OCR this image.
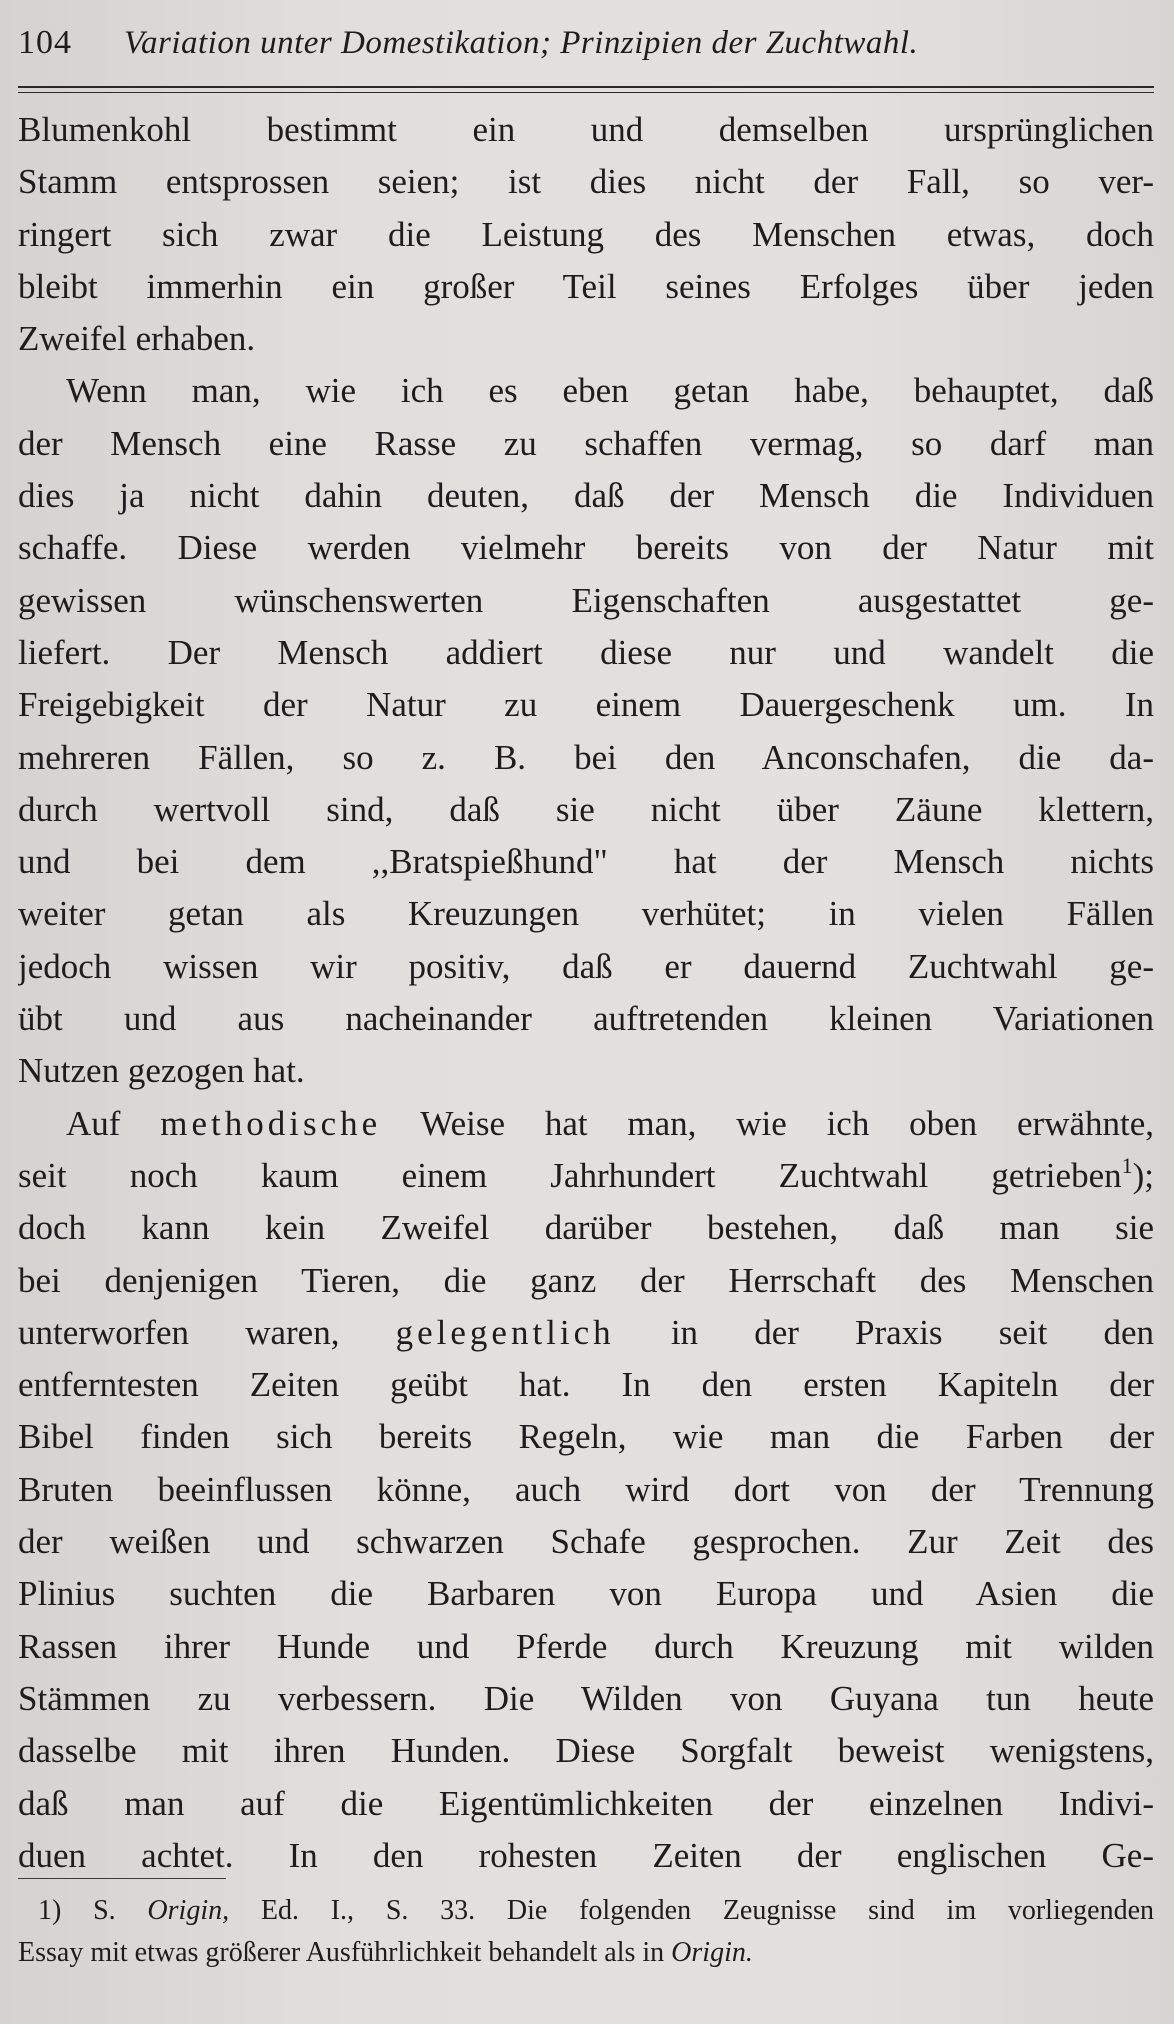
104 Variation unter Domestikation; Prinzipien der Zuchtwahl.
Blumenkohl bestimmt ein und demselben ursprünglichen
Stamm entsprossen seien; ist dies nicht der Fall, so ver-
ringert sich zwar die Leistung des Menschen etwas, doch
bleibt immerhin ein großer Teil seines Erfolges über jeden
Zweifel erhaben.
Wenn man, wie ich es eben getan habe, behauptet, daß
der Mensch eine Rasse zu schaffen vermag, so darf man
dies ja nicht dahin deuten, daß der Mensch die Individuen
schaffe. Diese werden vielmehr bereits von der Natur mit
gewissen wünschenswerten Eigenschaften ausgestattet ge-
liefert. Der Mensch addiert diese nur und wandelt die
Freigebigkeit der Natur zu einem Dauergeschenk um. In
mehreren Fällen, so z. B. bei den Anconschafen, die da-
durch wertvoll sind, daß sie nicht über Zäune klettern,
und bei dem ,,Bratspießhund" hat der Mensch nichts
weiter getan als Kreuzungen verhütet; in vielen Fällen
jedoch wissen wir positiv, daß er dauernd Zuchtwahl ge-
übt und aus nacheinander auftretenden kleinen Variationen
Nutzen gezogen hat.
Auf methodische Weise hat man, wie ich oben erwähnte,
seit noch kaum einem Jahrhundert Zuchtwahl getrieben$^1$);
doch kann kein Zweifel darüber bestehen, daß man sie
bei denjenigen Tieren, die ganz der Herrschaft des Menschen
unterworfen waren, gelegentlich in der Praxis seit den
entferntesten Zeiten geübt hat. In den ersten Kapiteln der
Bibel finden sich bereits Regeln, wie man die Farben der
Bruten beeinflussen könne, auch wird dort von der Trennung
der weißen und schwarzen Schafe gesprochen. Zur Zeit des
Plinius suchten die Barbaren von Europa und Asien die
Rassen ihrer Hunde und Pferde durch Kreuzung mit wilden
Stämmen zu verbessern. Die Wilden von Guyana tun heute
dasselbe mit ihren Hunden. Diese Sorgfalt beweist wenigstens,
daß man auf die Eigentümlichkeiten der einzelnen Indivi-
duen achtet. In den rohesten Zeiten der englischen Ge-
1) S. Origin, Ed. I., S. 33. Die folgenden Zeugnisse sind im vorliegenden
Essay mit etwas größerer Ausführlichkeit behandelt als in Origin.
